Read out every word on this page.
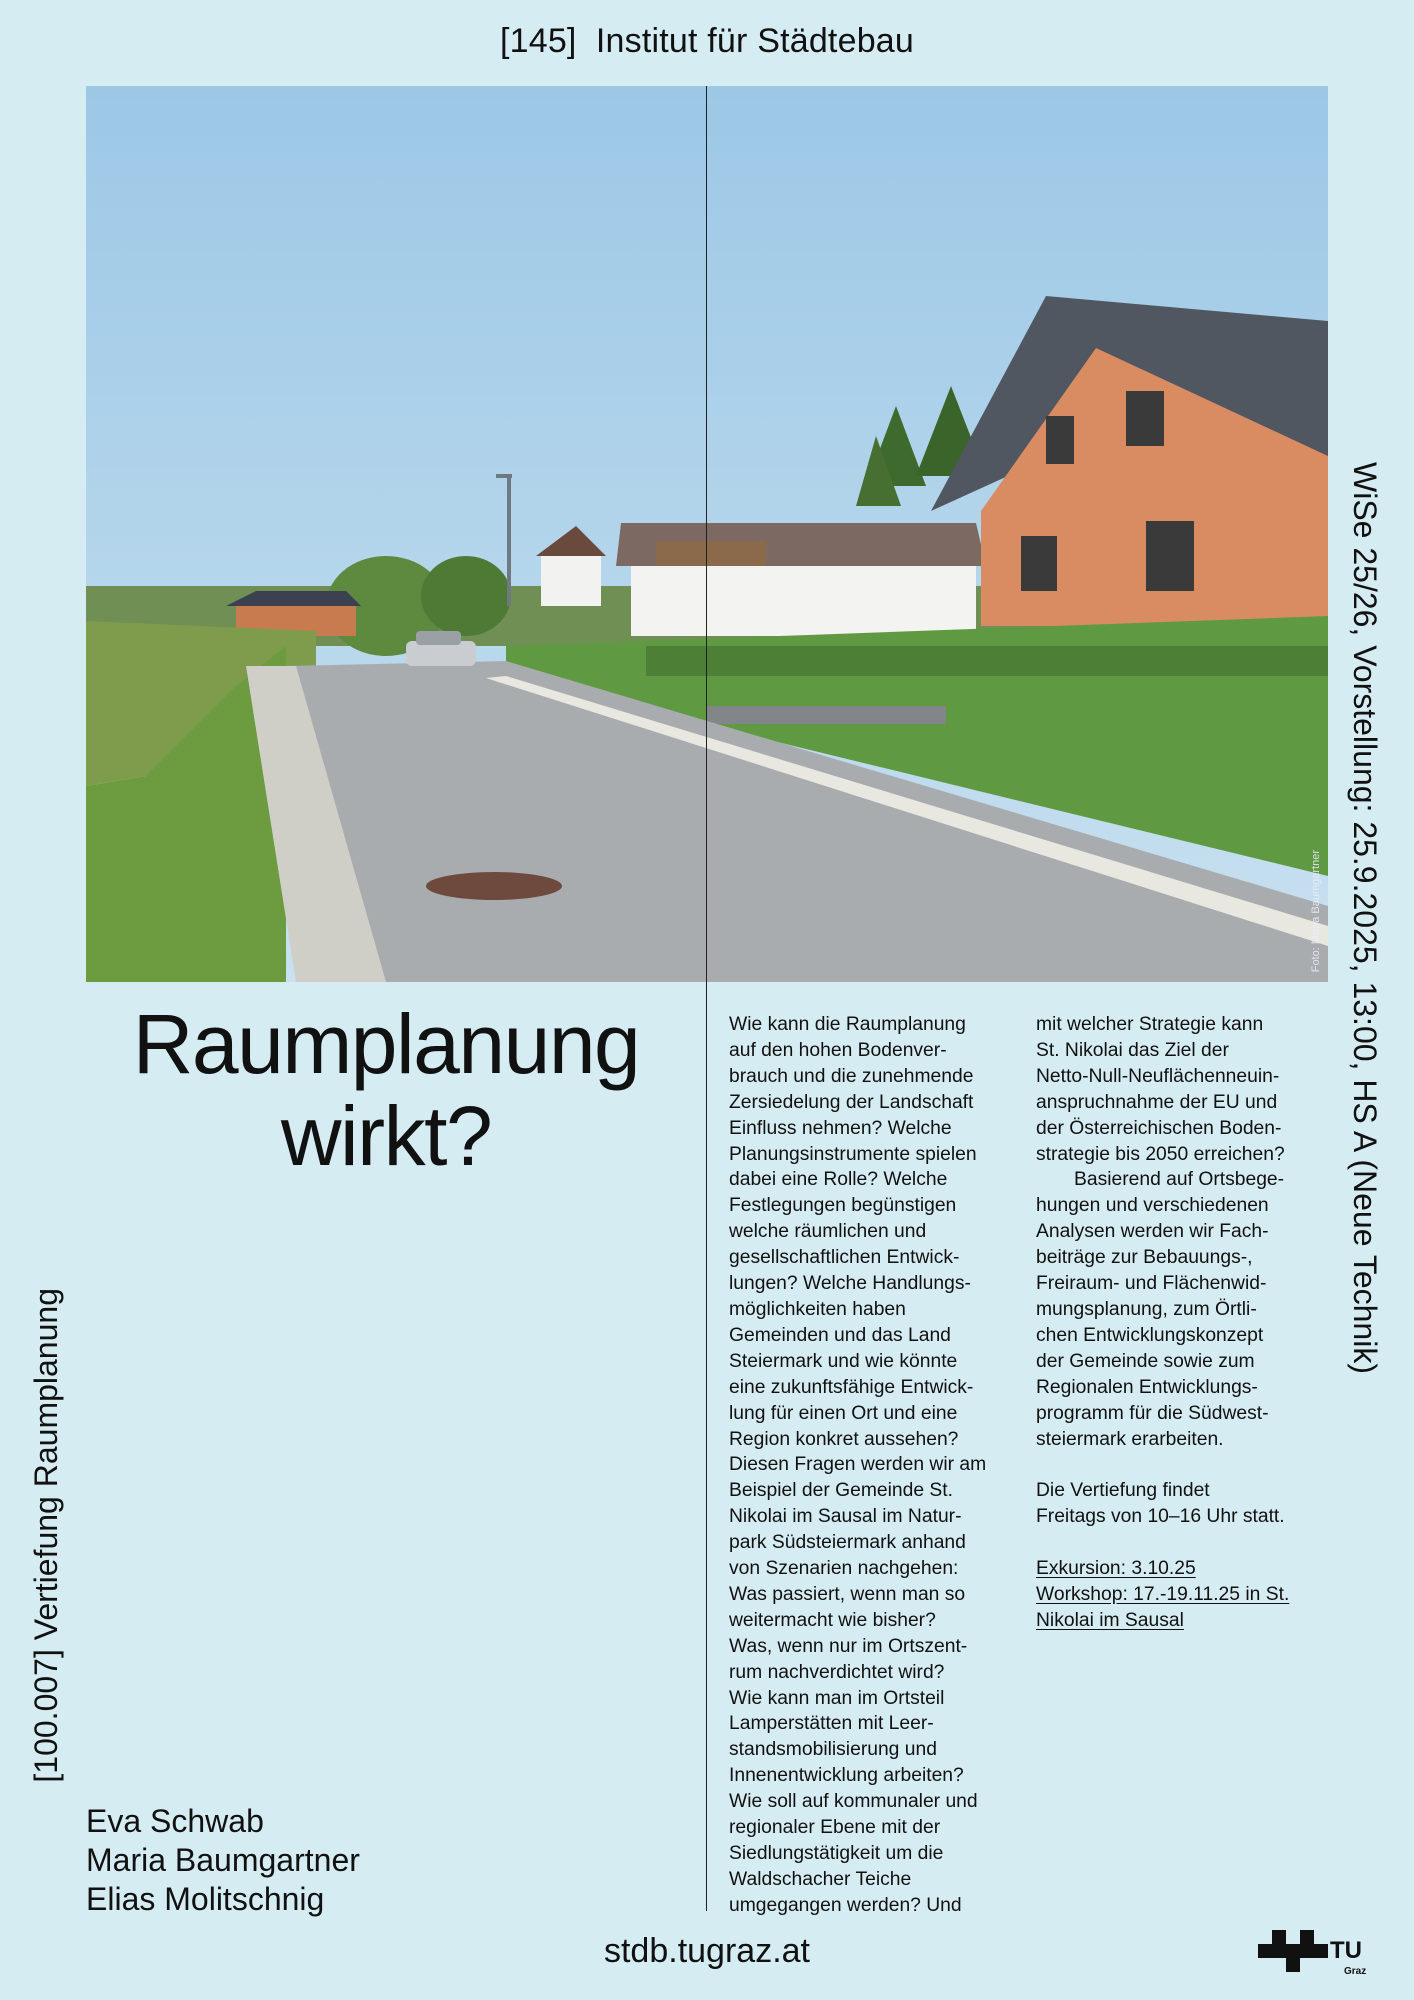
[145]  Institut für Städtebau
Foto: Maria Baumgartner
[100.007] Vertiefung Raumplanung
WiSe 25/26, Vorstellung: 25.9.2025, 13:00, HS A (Neue Technik)
Raumplanung
wirkt?

Wie kann die Raumplanung
auf den hohen Bodenver-
brauch und die zunehmende
Zersiedelung der Landschaft
Einfluss nehmen? Welche
Planungsinstrumente spielen
dabei eine Rolle? Welche
Festlegungen begünstigen
welche räumlichen und
gesellschaftlichen Entwick-
lungen? Welche Handlungs-
möglichkeiten haben
Gemeinden und das Land
Steiermark und wie könnte
eine zukunftsfähige Entwick-
lung für einen Ort und eine
Region konkret aussehen?
Diesen Fragen werden wir am
Beispiel der Gemeinde St.
Nikolai im Sausal im Natur-
park Südsteiermark anhand
von Szenarien nachgehen:
Was passiert, wenn man so
weitermacht wie bisher?
Was, wenn nur im Ortszent-
rum nachverdichtet wird?
Wie kann man im Ortsteil
Lamperstätten mit Leer-
standsmobilisierung und
Innenentwicklung arbeiten?
Wie soll auf kommunaler und
regionaler Ebene mit der
Siedlungstätigkeit um die
Waldschacher Teiche
umgegangen werden? Und

mit welcher Strategie kann
St. Nikolai das Ziel der
Netto-Null-Neuflächenneuin-
anspruchnahme der EU und
der Österreichischen Boden-
strategie bis 2050 erreichen?

Basierend auf Ortsbege-
hungen und verschiedenen
Analysen werden wir Fach-
beiträge zur Bebauungs-,
Freiraum- und Flächenwid-
mungsplanung, zum Örtli-
chen Entwicklungskonzept
der Gemeinde sowie zum
Regionalen Entwicklungs-
programm für die Südwest-
steiermark erarbeiten.

Die Vertiefung findet
Freitags von 10–16 Uhr statt.

Exkursion: 3.10.25
Workshop: 17.-19.11.25 in St.
Nikolai im Sausal

Eva Schwab
Maria Baumgartner
Elias Molitschnig
stdb.tugraz.at	TU
Graz
